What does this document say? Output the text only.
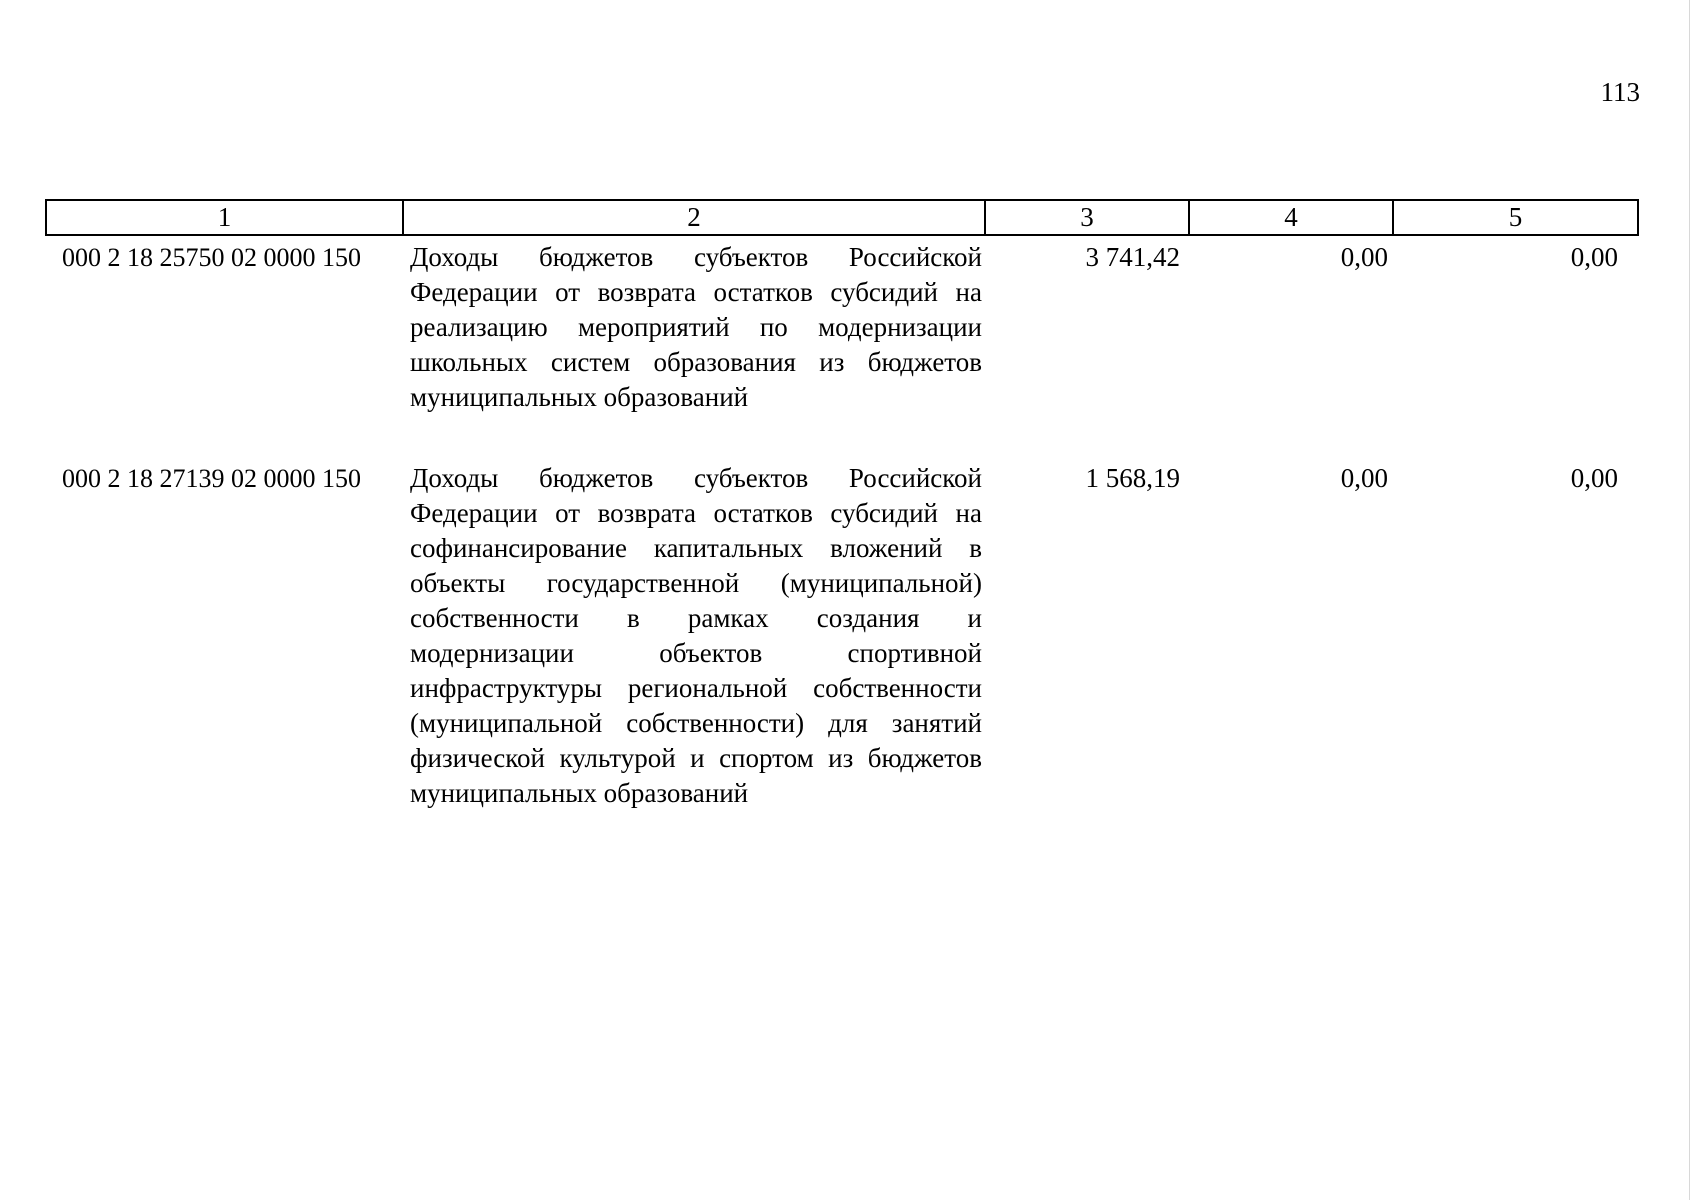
113
1	2	3	4	5
000 2 18 25750 02 0000 150	Доходы бюджетов субъектов Российской Федерации от возврата остатков субсидий на реализацию мероприятий по модернизации школьных систем образования из бюджетов муниципальных образований	3 741,42	0,00	0,00
000 2 18 27139 02 0000 150	Доходы бюджетов субъектов Российской Федерации от возврата остатков субсидий на софинансирование капитальных вложений в объекты государственной (муниципальной) собственности в рамках создания и модернизации объектов спортивной инфраструктуры региональной собственности (муниципальной собственности) для занятий физической культурой и спортом из бюджетов муниципальных образований	1 568,19	0,00	0,00
